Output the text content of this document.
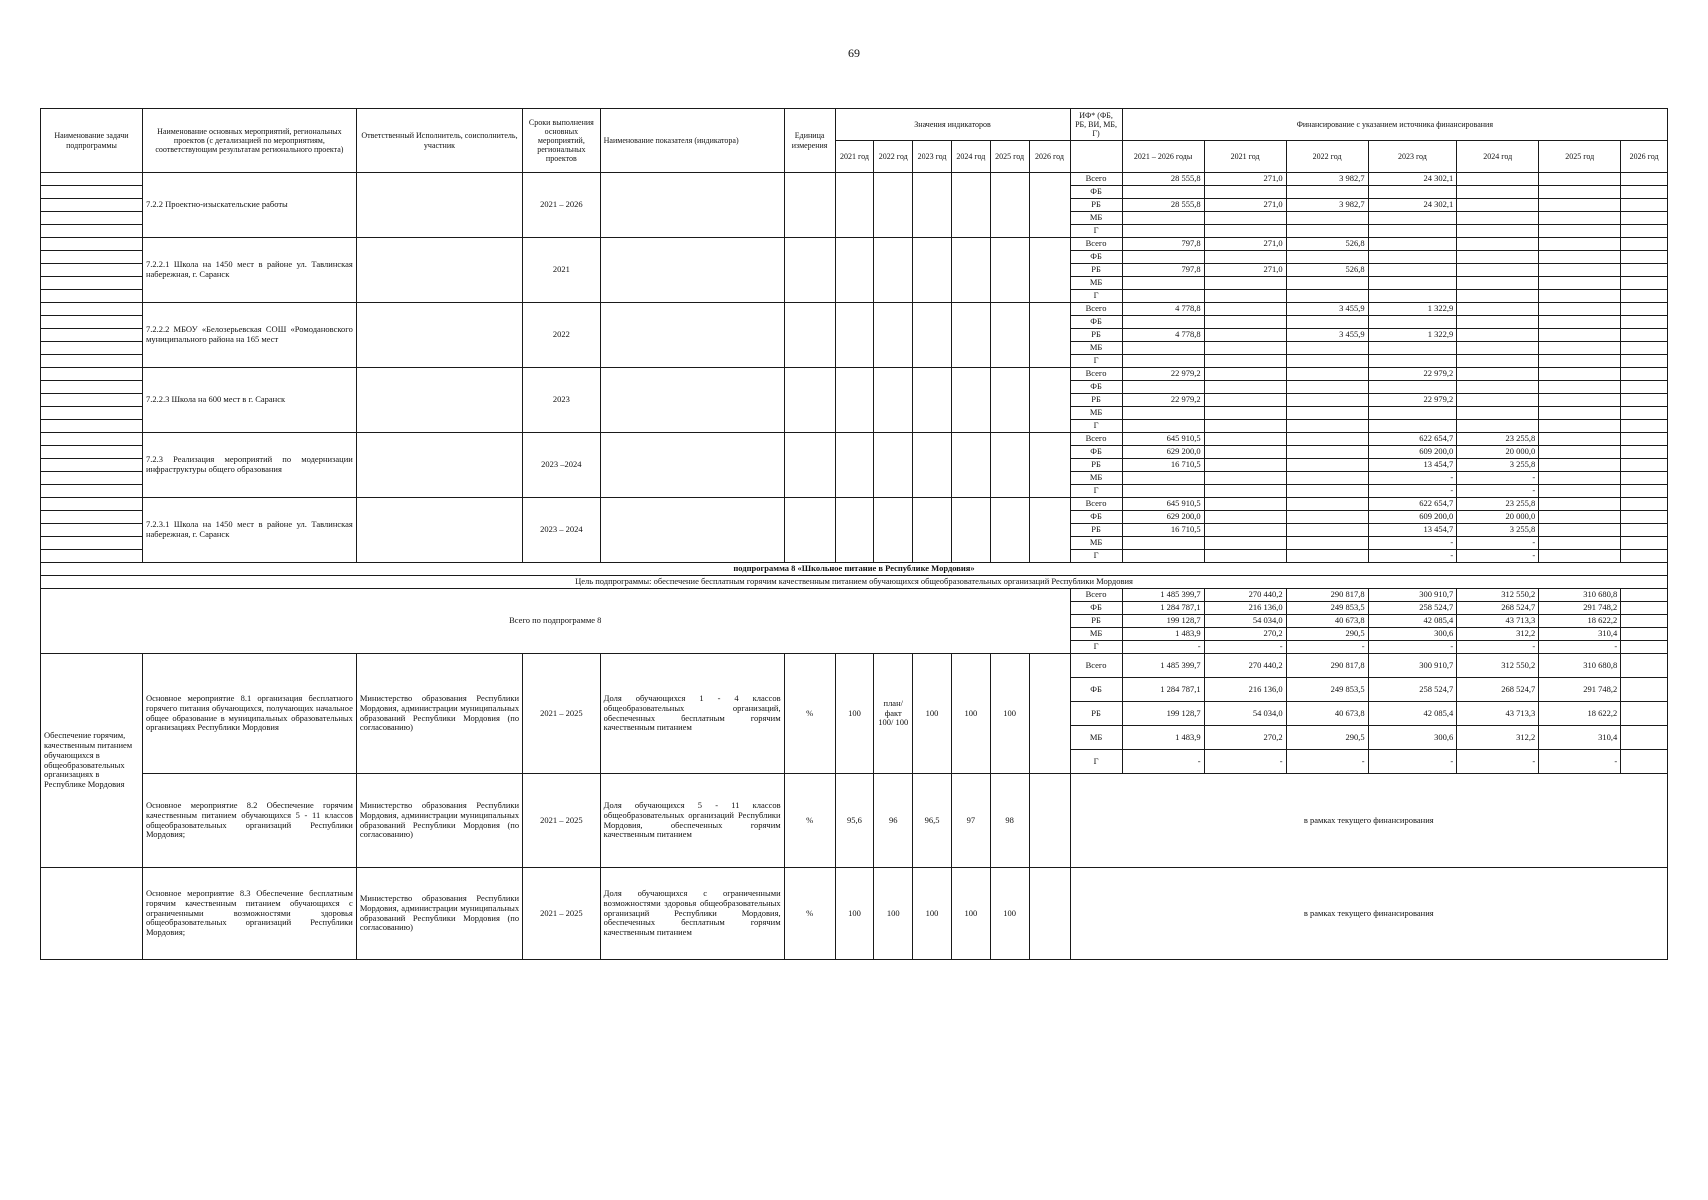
69
Наименование задачи подпрограммы	Наименование основных мероприятий, региональных проектов (с детализацией по мероприятиям, соответствующим результатам регионального проекта)	Ответственный Исполнитель, соисполнитель, участник	Сроки выполнения основных мероприятий, региональных проектов	Наименование показателя (индикатора)	Единица измерения	Значения индикаторов						ИФ* (ФБ, РБ, ВИ, МБ, Г)	Финансирование с указанием источника финансирования						
						2021 год	2022 год	2023 год	2024 год	2025 год	2026 год		2021 – 2026 годы	2021 год	2022 год	2023 год	2024 год	2025 год	2026 год
	7.2.2 Проектно-изыскательские работы		2021 – 2026									Всего	28 555,8	271,0	3 982,7	24 302,1			
												ФБ							
												РБ	28 555,8	271,0	3 982,7	24 302,1			
												МБ							
												Г							
	7.2.2.1 Школа на 1450 мест в районе ул. Тавлинская набережная, г. Саранск		2021									Всего	797,8	271,0	526,8				
												ФБ							
												РБ	797,8	271,0	526,8				
												МБ							
												Г							
	7.2.2.2 МБОУ «Белозерьевская СОШ «Ромодановского муниципального района на 165 мест		2022									Всего	4 778,8		3 455,9	1 322,9			
												ФБ							
												РБ	4 778,8		3 455,9	1 322,9			
												МБ							
												Г							
	7.2.2.3 Школа на 600 мест в г. Саранск		2023									Всего	22 979,2			22 979,2			
												ФБ							
												РБ	22 979,2			22 979,2			
												МБ							
												Г							
	7.2.3 Реализация мероприятий по модернизации инфраструктуры общего образования		2023 –2024									Всего	645 910,5			622 654,7	23 255,8		
												ФБ	629 200,0			609 200,0	20 000,0		
												РБ	16 710,5			13 454,7	3 255,8		
												МБ				-	-		
												Г				-	-		
	7.2.3.1 Школа на 1450 мест в районе ул. Тавлинская набережная, г. Саранск		2023 – 2024									Всего	645 910,5			622 654,7	23 255,8		
												ФБ	629 200,0			609 200,0	20 000,0		
												РБ	16 710,5			13 454,7	3 255,8		
												МБ				-	-		
												Г				-	-		
подпрограмма 8 «Школьное питание в Республике Мордовия»																			
Цель подпрограммы: обеспечение бесплатным горячим качественным питанием обучающихся общеобразовательных организаций Республики Мордовия																			
Всего по подпрограмме 8												Всего	1 485 399,7	270 440,2	290 817,8	300 910,7	312 550,2	310 680,8	
												ФБ	1 284 787,1	216 136,0	249 853,5	258 524,7	268 524,7	291 748,2	
												РБ	199 128,7	54 034,0	40 673,8	42 085,4	43 713,3	18 622,2	
												МБ	1 483,9	270,2	290,5	300,6	312,2	310,4	
												Г	-	-	-	-	-	-	
Обеспечение горячим, качественным питанием обучающихся в общеобразовательных организациях в Республике Мордовия	Основное мероприятие 8.1 организация бесплатного горячего питания обучающихся, получающих начальное общее образование в муниципальных образовательных организациях Республики Мордовия	Министерство образования Республики Мордовия, администрации муниципальных образований Республики Мордовия (по согласованию)	2021 – 2025	Доля обучающихся 1 - 4 классов общеобразовательных организаций, обеспеченных бесплатным горячим качественным питанием	%	100	план/ факт 100/ 100	100	100	100		Всего	1 485 399,7	270 440,2	290 817,8	300 910,7	312 550,2	310 680,8	
												ФБ	1 284 787,1	216 136,0	249 853,5	258 524,7	268 524,7	291 748,2	
												РБ	199 128,7	54 034,0	40 673,8	42 085,4	43 713,3	18 622,2	
												МБ	1 483,9	270,2	290,5	300,6	312,2	310,4	
												Г	-	-	-	-	-	-	
	Основное мероприятие 8.2 Обеспечение горячим качественным питанием обучающихся 5 - 11 классов общеобразовательных организаций Республики Мордовия;	Министерство образования Республики Мордовия, администрации муниципальных образований Республики Мордовия (по согласованию)	2021 – 2025	Доля обучающихся 5 - 11 классов общеобразовательных организаций Республики Мордовия, обеспеченных горячим качественным питанием	%	95,6	96	96,5	97	98		в рамках текущего финансирования							
	Основное мероприятие 8.3 Обеспечение бесплатным горячим качественным питанием обучающихся с ограниченными возможностями здоровья общеобразовательных организаций Республики Мордовия;	Министерство образования Республики Мордовия, администрации муниципальных образований Республики Мордовия (по согласованию)	2021 – 2025	Доля обучающихся с ограниченными возможностями здоровья общеобразовательных организаций Республики Мордовия, обеспеченных бесплатным горячим качественным питанием	%	100	100	100	100	100		в рамках текущего финансирования							
